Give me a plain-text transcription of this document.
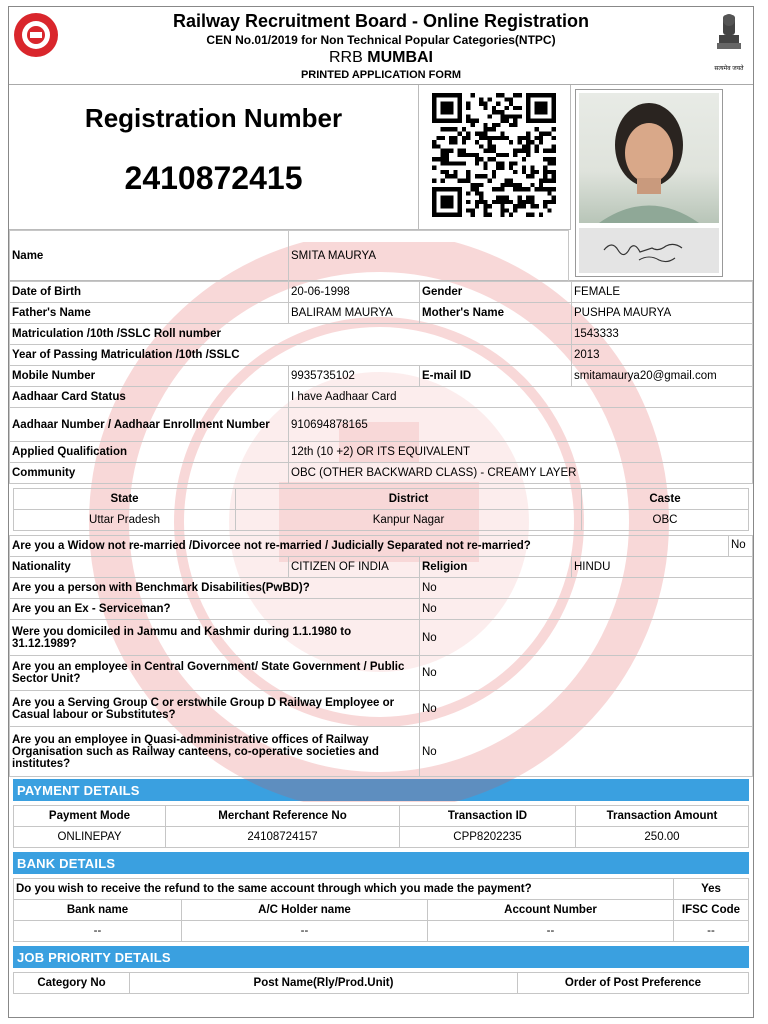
Railway Recruitment Board - Online Registration
CEN No.01/2019 for Non Technical Popular Categories(NTPC)
RRB MUMBAI
PRINTED APPLICATION FORM	सत्यमेव जयते
Registration Number
2410872415
Name	SMITA MAURYA
Date of Birth	20-06-1998	Gender	FEMALE
Father's Name	BALIRAM MAURYA	Mother's Name	PUSHPA MAURYA
Matriculation /10th /SSLC Roll number			1543333
Year of Passing Matriculation /10th /SSLC			2013
Mobile Number	9935735102	E-mail ID	smitamaurya20@gmail.com
Aadhaar Card Status	I have Aadhaar Card		
Aadhaar Number / Aadhaar Enrollment Number	910694878165		
Applied Qualification	12th (10 +2) OR ITS EQUIVALENT		
Community	OBC (OTHER BACKWARD CLASS) - CREAMY LAYER		
State	District	Caste
Uttar Pradesh	Kanpur Nagar	OBC
Are you a Widow not re-married /Divorcee not re-married / Judicially Separated not re-married? No			

Nationality	CITIZEN OF INDIA	Religion	HINDU
Are you a person with Benchmark Disabilities(PwBD)?		No	
Are you an Ex - Serviceman?		No	
Were you domiciled in Jammu and Kashmir during 1.1.1980 to 31.12.1989?		No	
Are you an employee in Central Government/ State Government / Public Sector Unit?		No	
Are you a Serving Group C or erstwhile Group D Railway Employee or Casual labour or Substitutes?		No	
Are you an employee in Quasi-admministrative offices of Railway Organisation such as Railway canteens, co-operative societies and institutes?		No	
PAYMENT DETAILS
Payment Mode	Merchant Reference No	Transaction ID	Transaction Amount
ONLINEPAY	24108724157	CPP8202235	250.00
BANK DETAILS
Do you wish to receive the refund to the same account through which you made the payment?			Yes
Bank name	A/C Holder name	Account Number	IFSC Code
--	--	--	--
JOB PRIORITY DETAILS
Category No	Post Name(Rly/Prod.Unit)	Order of Post Preference
